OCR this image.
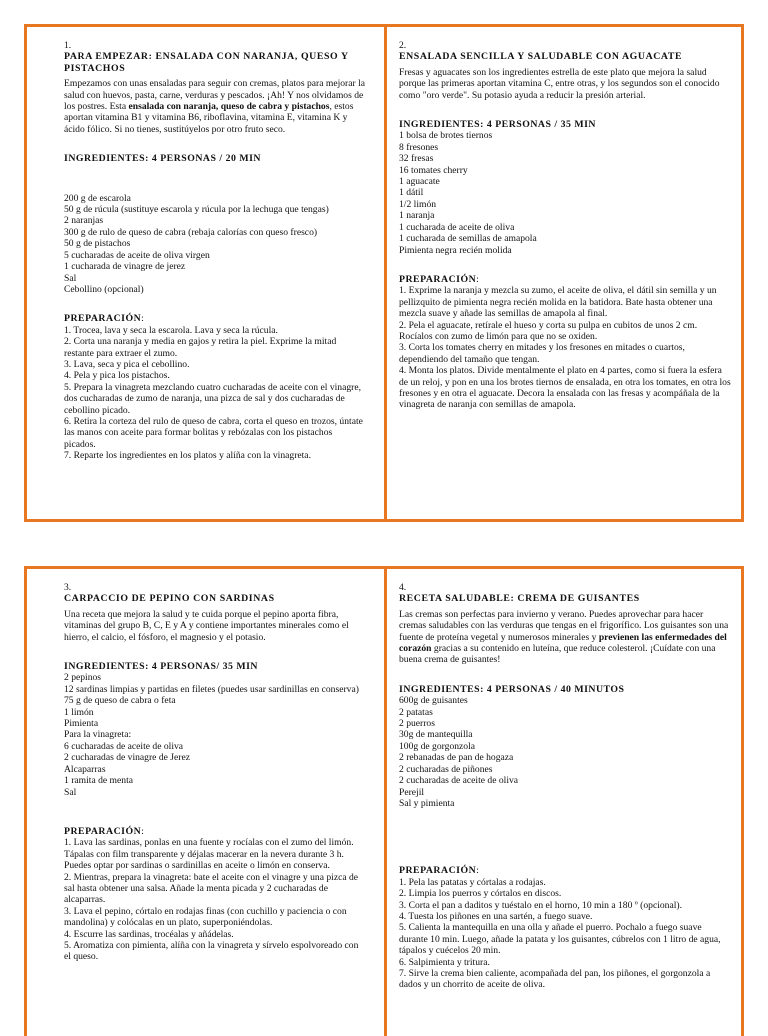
1.
PARA EMPEZAR: ENSALADA CON NARANJA, QUESO Y PISTACHOS

Empezamos con unas ensaladas para seguir con cremas, platos para mejorar la salud con huevos, pasta, carne, verduras y pescados. ¡Ah! Y nos olvidamos de los postres. Esta ensalada con naranja, queso de cabra y pistachos, estos aportan vitamina B1 y vitamina B6, riboflavina, vitamina E, vitamina K y ácido fólico. Si no tienes, sustitúyelos por otro fruto seco.

INGREDIENTES: 4 PERSONAS / 20 MIN
200 g de escarola
50 g de rúcula (sustituye escarola y rúcula por la lechuga que tengas)
2 naranjas
300 g de rulo de queso de cabra (rebaja calorías con queso fresco)
50 g de pistachos
5 cucharadas de aceite de oliva virgen
1 cucharada de vinagre de jerez
Sal
Cebollino (opcional)
PREPARACIÓN:
1. Trocea, lava y seca la escarola. Lava y seca la rúcula.
2. Corta una naranja y media en gajos y retira la piel. Exprime la mitad restante para extraer el zumo.
3. Lava, seca y pica el cebollino.
4. Pela y pica los pistachos.
5. Prepara la vinagreta mezclando cuatro cucharadas de aceite con el vinagre, dos cucharadas de zumo de naranja, una pizca de sal y dos cucharadas de cebollino picado.
6. Retira la corteza del rulo de queso de cabra, corta el queso en trozos, úntate las manos con aceite para formar bolitas y rebózalas con los pistachos picados.
7. Reparte los ingredientes en los platos y alíña con la vinagreta.
2.
ENSALADA SENCILLA Y SALUDABLE CON AGUACATE

Fresas y aguacates son los ingredientes estrella de este plato que mejora la salud porque las primeras aportan vitamina C, entre otras, y los segundos son el conocido como "oro verde". Su potasio ayuda a reducir la presión arterial.

INGREDIENTES: 4 PERSONAS / 35 MIN
1 bolsa de brotes tiernos
8 fresones
32 fresas
16 tomates cherry
1 aguacate
1 dátil
1/2 limón
1 naranja
1 cucharada de aceite de oliva
1 cucharada de semillas de amapola
Pimienta negra recién molida
PREPARACIÓN:
1. Exprime la naranja y mezcla su zumo, el aceite de oliva, el dátil sin semilla y un pellizquito de pimienta negra recién molida en la batidora. Bate hasta obtener una mezcla suave y añade las semillas de amapola al final.
2. Pela el aguacate, retírale el hueso y corta su pulpa en cubitos de unos 2 cm. Rocíalos con zumo de limón para que no se oxiden.
3. Corta los tomates cherry en mitades y los fresones en mitades o cuartos, dependiendo del tamaño que tengan.
4. Monta los platos. Divide mentalmente el plato en 4 partes, como si fuera la esfera de un reloj, y pon en una los brotes tiernos de ensalada, en otra los tomates, en otra los fresones y en otra el aguacate. Decora la ensalada con las fresas y acompáñala de la vinagreta de naranja con semillas de amapola.
3.
CARPACCIO DE PEPINO CON SARDINAS

Una receta que mejora la salud y te cuida porque el pepino aporta fibra, vitaminas del grupo B, C, E y A y contiene importantes minerales como el hierro, el calcio, el fósforo, el magnesio y el potasio.

INGREDIENTES: 4 PERSONAS/ 35 MIN
2 pepinos
12 sardinas limpias y partidas en filetes (puedes usar sardinillas en conserva)
75 g de queso de cabra o feta
1 limón
Pimienta
Para la vinagreta:
6 cucharadas de aceite de oliva
2 cucharadas de vinagre de Jerez
Alcaparras
1 ramita de menta
Sal
PREPARACIÓN:
1. Lava las sardinas, ponlas en una fuente y rocíalas con el zumo del limón. Tápalas con film transparente y déjalas macerar en la nevera durante 3 h. Puedes optar por sardinas o sardinillas en aceite o limón en conserva.
2. Mientras, prepara la vinagreta: bate el aceite con el vinagre y una pizca de sal hasta obtener una salsa. Añade la menta picada y 2 cucharadas de alcaparras.
3. Lava el pepino, córtalo en rodajas finas (con cuchillo y paciencia o con mandolina) y colócalas en un plato, superponiéndolas.
4. Escurre las sardinas, trocéalas y añádelas.
5. Aromatiza con pimienta, alíña con la vinagreta y sírvelo espolvoreado con el queso.
4.
RECETA SALUDABLE: CREMA DE GUISANTES

Las cremas son perfectas para invierno y verano. Puedes aprovechar para hacer cremas saludables con las verduras que tengas en el frigorífico. Los guisantes son una fuente de proteína vegetal y numerosos minerales y previenen las enfermedades del corazón gracias a su contenido en luteína, que reduce colesterol. ¡Cuídate con una buena crema de guisantes!

INGREDIENTES: 4 PERSONAS / 40 MINUTOS
600g de guisantes
2 patatas
2 puerros
30g de mantequilla
100g de gorgonzola
2 rebanadas de pan de hogaza
2 cucharadas de piñones
2 cucharadas de aceite de oliva
Perejil
Sal y pimienta
PREPARACIÓN:
1. Pela las patatas y córtalas a rodajas.
2. Limpia los puerros y córtalos en discos.
3. Corta el pan a daditos y tuéstalo en el horno, 10 min a 180 º (opcional).
4. Tuesta los piñones en una sartén, a fuego suave.
5. Calienta la mantequilla en una olla y añade el puerro. Pochalo a fuego suave durante 10 min. Luego, añade la patata y los guisantes, cúbrelos con 1 litro de agua, tápalos y cuécelos 20 min.
6. Salpimienta y tritura.
7. Sirve la crema bien caliente, acompañada del pan, los piñones, el gorgonzola a dados y un chorrito de aceite de oliva.
